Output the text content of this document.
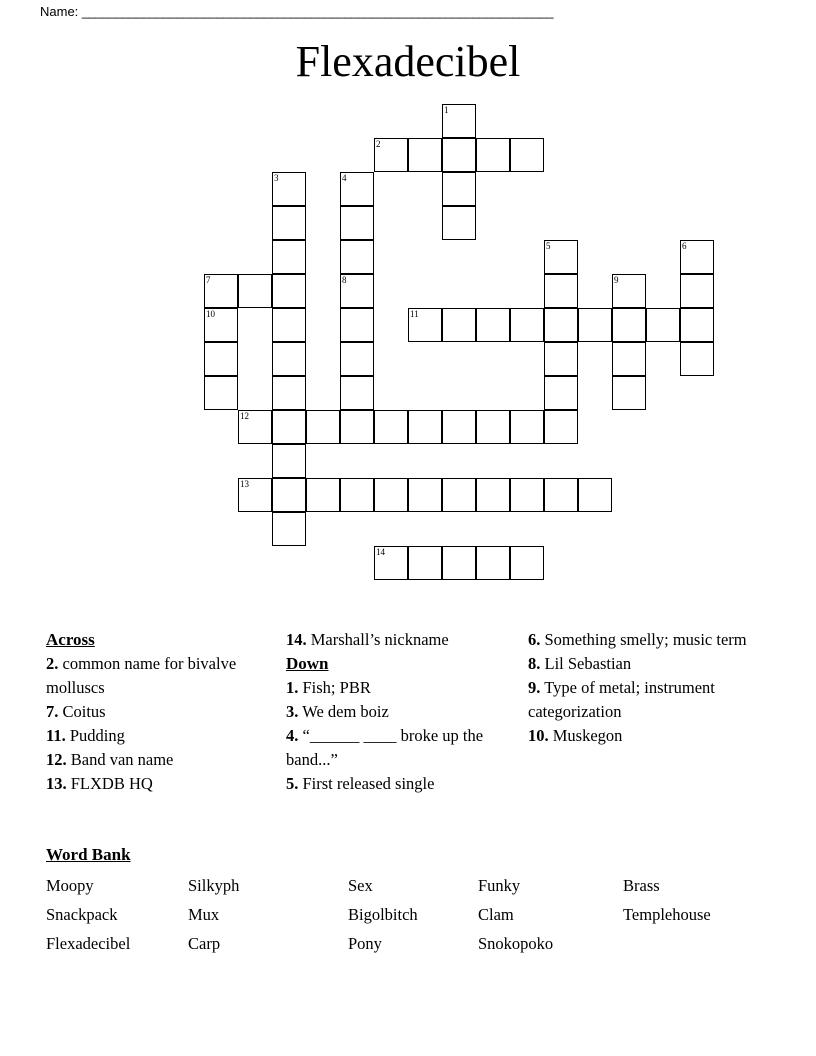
Name: ______________________________________________________________________
Flexadecibel
1
2
3	4
5	6
7	8	9
10	11
12
13
14
Across
2. common name for bivalve molluscs
7. Coitus
11. Pudding
12. Band van name
13. FLXDB HQ
14. Marshall’s nickname
Down
1. Fish; PBR
3. We dem boiz
4. “______ ____ broke up the band...”
5. First released single
6. Something smelly; music term
8. Lil Sebastian
9. Type of metal; instrument categorization
10. Muskegon
Word Bank
Moopy	Silkyph	Sex	Funky	Brass
Snackpack	Mux	Bigolbitch	Clam	Templehouse
Flexadecibel	Carp	Pony	Snokopoko	
